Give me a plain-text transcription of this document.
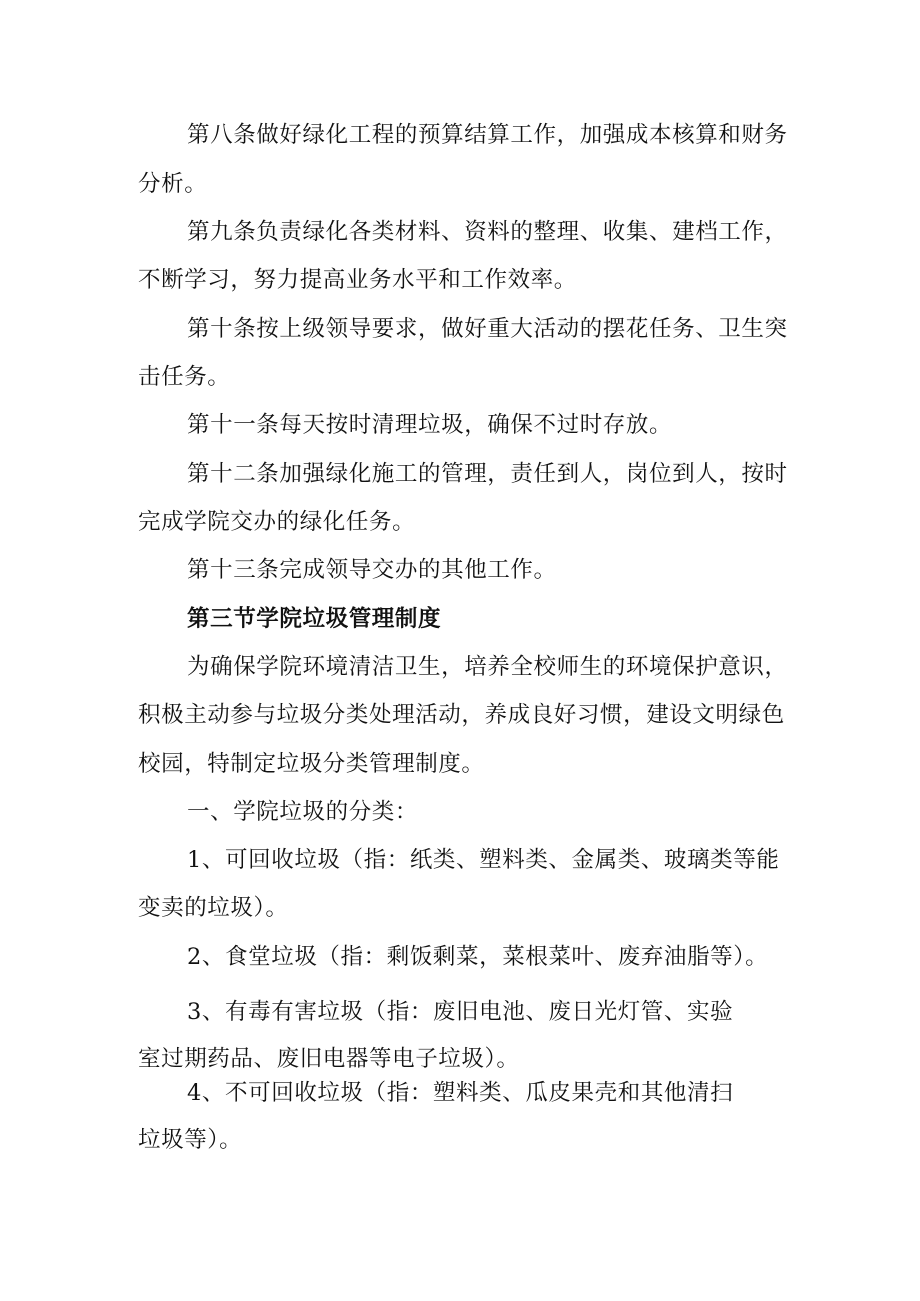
第八条做好绿化工程的预算结算工作，加强成本核算和财务
分析。
第九条负责绿化各类材料、资料的整理、收集、建档工作，
不断学习，努力提高业务水平和工作效率。
第十条按上级领导要求，做好重大活动的摆花任务、卫生突
击任务。
第十一条每天按时清理垃圾，确保不过时存放。
第十二条加强绿化施工的管理，责任到人，岗位到人，按时
完成学院交办的绿化任务。
第十三条完成领导交办的其他工作。
第三节学院垃圾管理制度
为确保学院环境清洁卫生，培养全校师生的环境保护意识，
积极主动参与垃圾分类处理活动，养成良好习惯，建设文明绿色
校园，特制定垃圾分类管理制度。
一、学院垃圾的分类：
1、可回收垃圾（指：纸类、塑料类、金属类、玻璃类等能
变卖的垃圾）。
2、食堂垃圾（指：剩饭剩菜，菜根菜叶、废弃油脂等）。
3、有毒有害垃圾（指：废旧电池、废日光灯管、实验
室过期药品、废旧电器等电子垃圾）。
4、不可回收垃圾（指：塑料类、瓜皮果壳和其他清扫
垃圾等）。
